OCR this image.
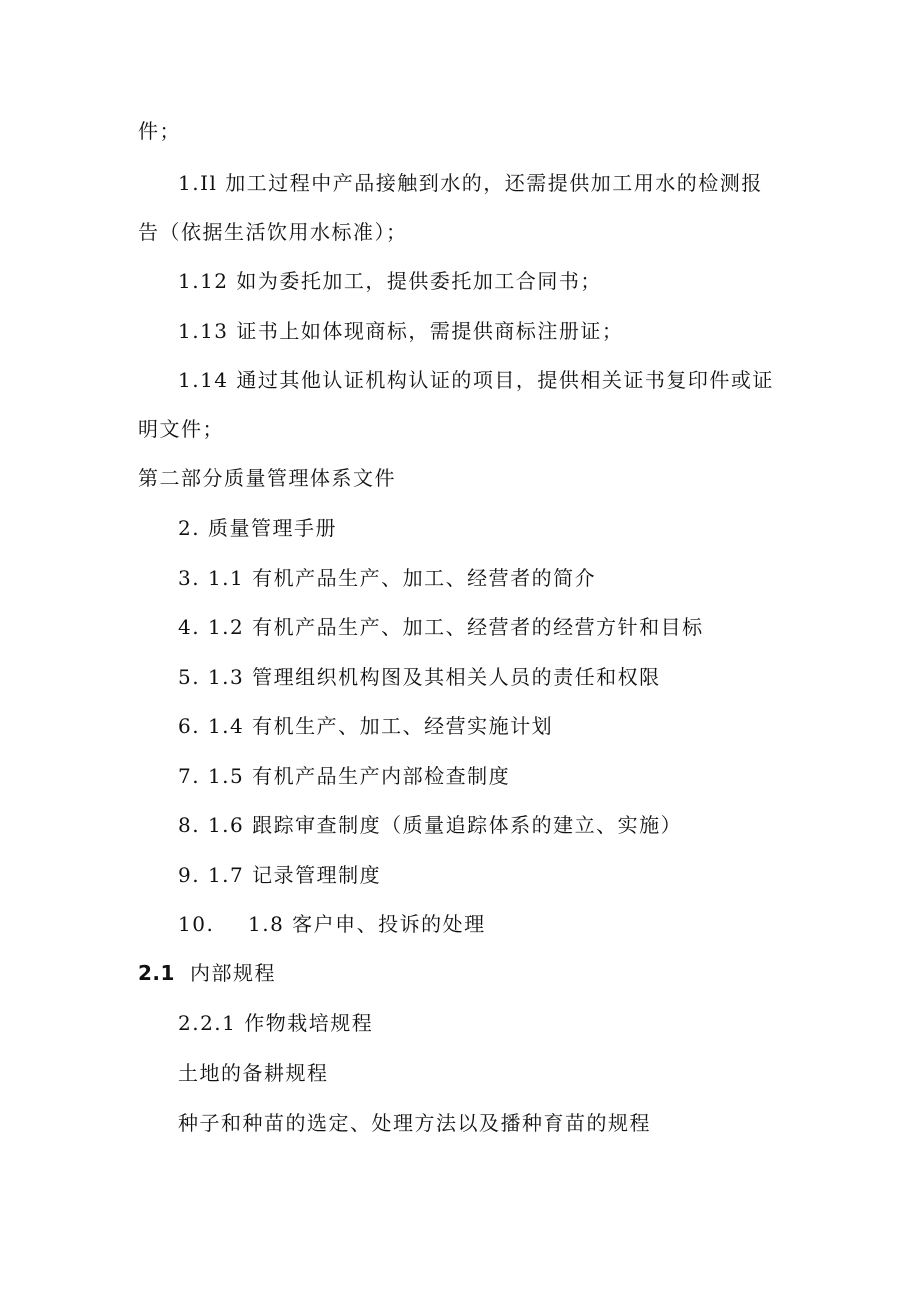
件；
1.Il 加工过程中产品接触到水的，还需提供加工用水的检测报
告（依据生活饮用水标准）；
1.12 如为委托加工，提供委托加工合同书；
1.13 证书上如体现商标，需提供商标注册证；
1.14 通过其他认证机构认证的项目，提供相关证书复印件或证
明文件；
第二部分质量管理体系文件
2. 质量管理手册
3. 1.1 有机产品生产、加工、经营者的简介
4. 1.2 有机产品生产、加工、经营者的经营方针和目标
5. 1.3 管理组织机构图及其相关人员的责任和权限
6. 1.4 有机生产、加工、经营实施计划
7. 1.5 有机产品生产内部检查制度
8. 1.6 跟踪审查制度（质量追踪体系的建立、实施）
9. 1.7 记录管理制度
10. 1.8 客户申、投诉的处理
2.1 内部规程
2.2.1 作物栽培规程
土地的备耕规程
种子和种苗的选定、处理方法以及播种育苗的规程
